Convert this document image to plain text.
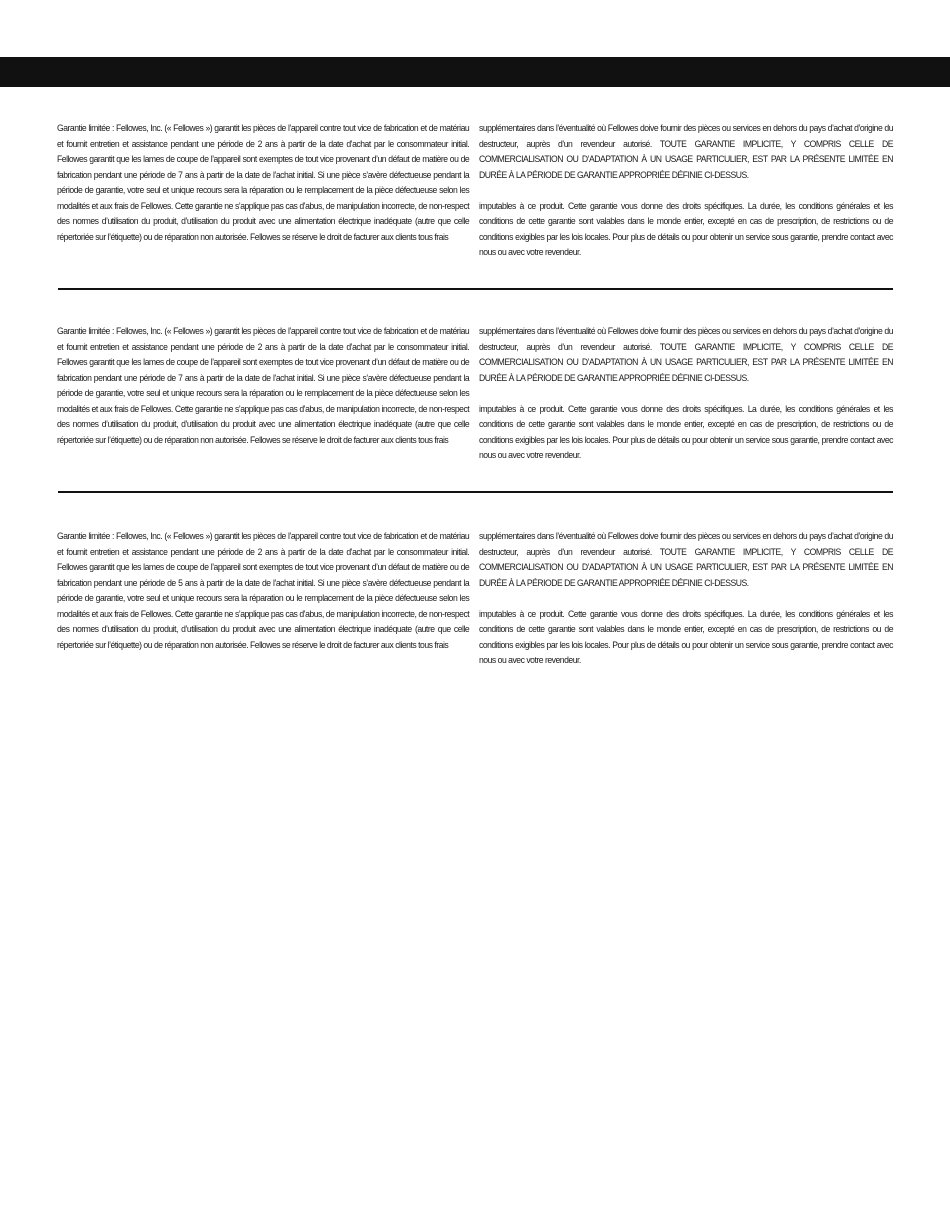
Garantie limitée : Fellowes, Inc. (« Fellowes ») garantit les pièces de l’appareil contre tout vice de fabrication et de matériau et fournit entretien et assistance pendant une période de 2 ans à partir de la date d’achat par le consommateur initial. Fellowes garantit que les lames de coupe de l’appareil sont exemptes de tout vice provenant d’un défaut de matière ou de fabrication pendant une période de 7 ans à partir de la date de l’achat initial. Si une pièce s’avère défectueuse pendant la période de garantie, votre seul et unique recours sera la réparation ou le remplacement de la pièce défectueuse selon les modalités et aux frais de Fellowes. Cette garantie ne s’applique pas cas d’abus, de manipulation incorrecte, de non-respect des normes d’utilisation du produit, d’utilisation du produit avec une alimentation électrique inadéquate (autre que celle répertoriée sur l’étiquette) ou de réparation non autorisée. Fellowes se réserve le droit de facturer aux clients tous frais

supplémentaires dans l’éventualité où Fellowes doive fournir des pièces ou services en dehors du pays d’achat d’origine du destructeur, auprès d’un revendeur autorisé. TOUTE GARANTIE IMPLICITE, Y COMPRIS CELLE DE COMMERCIALISATION OU D’ADAPTATION À UN USAGE PARTICULIER, EST PAR LA PRÉSENTE LIMITÉE EN DURÉE À LA PÉRIODE DE GARANTIE APPROPRIÉE DÉFINIE CI-DESSUS.

imputables à ce produit. Cette garantie vous donne des droits spécifiques. La durée, les conditions générales et les conditions de cette garantie sont valables dans le monde entier, excepté en cas de prescription, de restrictions ou de conditions exigibles par les lois locales. Pour plus de détails ou pour obtenir un service sous garantie, prendre contact avec nous ou avec votre revendeur.

Garantie limitée : Fellowes, Inc. (« Fellowes ») garantit les pièces de l’appareil contre tout vice de fabrication et de matériau et fournit entretien et assistance pendant une période de 2 ans à partir de la date d’achat par le consommateur initial. Fellowes garantit que les lames de coupe de l’appareil sont exemptes de tout vice provenant d’un défaut de matière ou de fabrication pendant une période de 7 ans à partir de la date de l’achat initial. Si une pièce s’avère défectueuse pendant la période de garantie, votre seul et unique recours sera la réparation ou le remplacement de la pièce défectueuse selon les modalités et aux frais de Fellowes. Cette garantie ne s’applique pas cas d’abus, de manipulation incorrecte, de non-respect des normes d’utilisation du produit, d’utilisation du produit avec une alimentation électrique inadéquate (autre que celle répertoriée sur l’étiquette) ou de réparation non autorisée. Fellowes se réserve le droit de facturer aux clients tous frais

supplémentaires dans l’éventualité où Fellowes doive fournir des pièces ou services en dehors du pays d’achat d’origine du destructeur, auprès d’un revendeur autorisé. TOUTE GARANTIE IMPLICITE, Y COMPRIS CELLE DE COMMERCIALISATION OU D’ADAPTATION À UN USAGE PARTICULIER, EST PAR LA PRÉSENTE LIMITÉE EN DURÉE À LA PÉRIODE DE GARANTIE APPROPRIÉE DÉFINIE CI-DESSUS.

imputables à ce produit. Cette garantie vous donne des droits spécifiques. La durée, les conditions générales et les conditions de cette garantie sont valables dans le monde entier, excepté en cas de prescription, de restrictions ou de conditions exigibles par les lois locales. Pour plus de détails ou pour obtenir un service sous garantie, prendre contact avec nous ou avec votre revendeur.

Garantie limitée : Fellowes, Inc. (« Fellowes ») garantit les pièces de l’appareil contre tout vice de fabrication et de matériau et fournit entretien et assistance pendant une période de 2 ans à partir de la date d’achat par le consommateur initial. Fellowes garantit que les lames de coupe de l’appareil sont exemptes de tout vice provenant d’un défaut de matière ou de fabrication pendant une période de 5 ans à partir de la date de l’achat initial. Si une pièce s’avère défectueuse pendant la période de garantie, votre seul et unique recours sera la réparation ou le remplacement de la pièce défectueuse selon les modalités et aux frais de Fellowes. Cette garantie ne s’applique pas cas d’abus, de manipulation incorrecte, de non-respect des normes d’utilisation du produit, d’utilisation du produit avec une alimentation électrique inadéquate (autre que celle répertoriée sur l’étiquette) ou de réparation non autorisée. Fellowes se réserve le droit de facturer aux clients tous frais

supplémentaires dans l’éventualité où Fellowes doive fournir des pièces ou services en dehors du pays d’achat d’origine du destructeur, auprès d’un revendeur autorisé. TOUTE GARANTIE IMPLICITE, Y COMPRIS CELLE DE COMMERCIALISATION OU D’ADAPTATION À UN USAGE PARTICULIER, EST PAR LA PRÉSENTE LIMITÉE EN DURÉE À LA PÉRIODE DE GARANTIE APPROPRIÉE DÉFINIE CI-DESSUS.

imputables à ce produit. Cette garantie vous donne des droits spécifiques. La durée, les conditions générales et les conditions de cette garantie sont valables dans le monde entier, excepté en cas de prescription, de restrictions ou de conditions exigibles par les lois locales. Pour plus de détails ou pour obtenir un service sous garantie, prendre contact avec nous ou avec votre revendeur.
